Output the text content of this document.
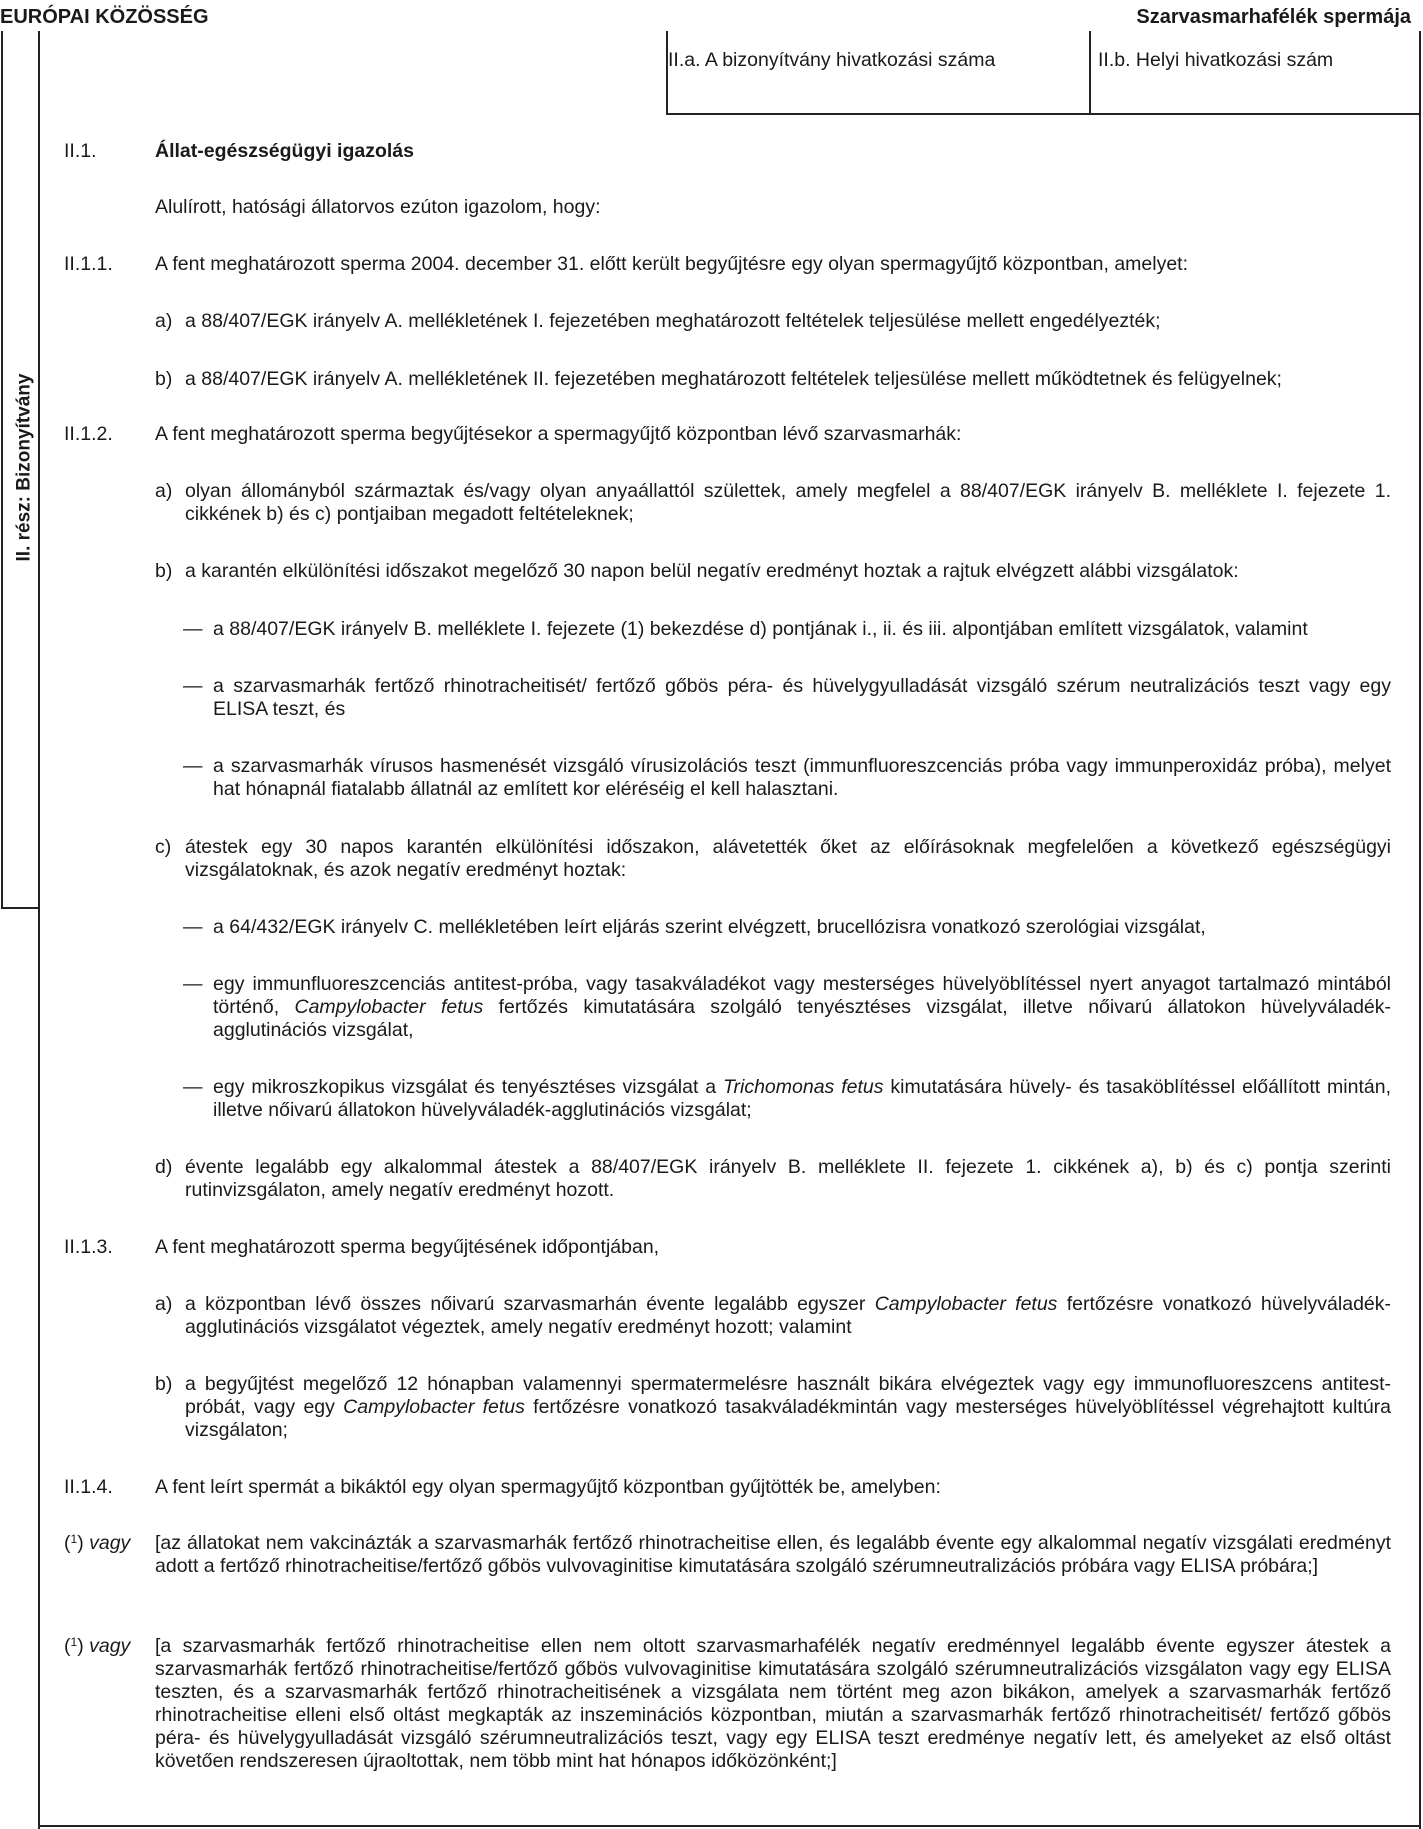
EURÓPAI KÖZÖSSÉG	Szarvasmarhafélék spermája
II.a. A bizonyítvány hivatkozási száma	II.b. Helyi hivatkozási szám
II. rész: Bizonyítvány
II.1.	Állat-egészségügyi igazolás
Alulírott, hatósági állatorvos ezúton igazolom, hogy:
II.1.1. A fent meghatározott sperma 2004. december 31. előtt került begyűjtésre egy olyan spermagyűjtő központban, amelyet:
a) a 88/407/EGK irányelv A. mellékletének I. fejezetében meghatározott feltételek teljesülése mellett engedélyezték;
b) a 88/407/EGK irányelv A. mellékletének II. fejezetében meghatározott feltételek teljesülése mellett működtetnek és felügyelnek;
II.1.2. A fent meghatározott sperma begyűjtésekor a spermagyűjtő központban lévő szarvasmarhák:
a) olyan állományból származtak és/vagy olyan anyaállattól születtek, amely megfelel a 88/407/EGK irányelv B. melléklete I. fejezete 1. cikkének b) és c) pontjaiban megadott feltételeknek;
b) a karantén elkülönítési időszakot megelőző 30 napon belül negatív eredményt hoztak a rajtuk elvégzett alábbi vizsgálatok:
— a 88/407/EGK irányelv B. melléklete I. fejezete (1) bekezdése d) pontjának i., ii. és iii. alpontjában említett vizsgálatok, valamint
— a szarvasmarhák fertőző rhinotracheitisét/ fertőző gőbös péra- és hüvelygyulladását vizsgáló szérum neutralizációs teszt vagy egy ELISA teszt, és
— a szarvasmarhák vírusos hasmenését vizsgáló vírusizolációs teszt (immunfluoreszcenciás próba vagy immunperoxidáz próba), melyet hat hónapnál fiatalabb állatnál az említett kor eléréséig el kell halasztani.
c) átestek egy 30 napos karantén elkülönítési időszakon, alávetették őket az előírásoknak megfelelően a következő egészségügyi vizsgálatoknak, és azok negatív eredményt hoztak:
— a 64/432/EGK irányelv C. mellékletében leírt eljárás szerint elvégzett, brucellózisra vonatkozó szerológiai vizsgálat,
— egy immunfluoreszcenciás antitest-próba, vagy tasakváladékot vagy mesterséges hüvelyöblítéssel nyert anyagot tartalmazó mintából történő, Campylobacter fetus fertőzés kimutatására szolgáló tenyésztéses vizsgálat, illetve nőivarú állatokon hüvelyváladék-agglutinációs vizsgálat,
— egy mikroszkopikus vizsgálat és tenyésztéses vizsgálat a Trichomonas fetus kimutatására hüvely- és tasaköblítéssel előállított mintán, illetve nőivarú állatokon hüvelyváladék-agglutinációs vizsgálat;
d) évente legalább egy alkalommal átestek a 88/407/EGK irányelv B. melléklete II. fejezete 1. cikkének a), b) és c) pontja szerinti rutinvizsgálaton, amely negatív eredményt hozott.
II.1.3. A fent meghatározott sperma begyűjtésének időpontjában,
a) a központban lévő összes nőivarú szarvasmarhán évente legalább egyszer Campylobacter fetus fertőzésre vonatkozó hüvelyváladék-agglutinációs vizsgálatot végeztek, amely negatív eredményt hozott; valamint
b) a begyűjtést megelőző 12 hónapban valamennyi spermatermelésre használt bikára elvégeztek vagy egy immunofluoreszcens antitest-próbát, vagy egy Campylobacter fetus fertőzésre vonatkozó tasakváladékmintán vagy mesterséges hüvelyöblítéssel végrehajtott kultúra vizsgálaton;
II.1.4. A fent leírt spermát a bikáktól egy olyan spermagyűjtő központban gyűjtötték be, amelyben:
($^1$) vagy [az állatokat nem vakcinázták a szarvasmarhák fertőző rhinotracheitise ellen, és legalább évente egy alkalommal negatív vizsgálati eredményt adott a fertőző rhinotracheitise/fertőző gőbös vulvovaginitise kimutatására szolgáló szérumneutralizációs próbára vagy ELISA próbára;]
($^1$) vagy [a szarvasmarhák fertőző rhinotracheitise ellen nem oltott szarvasmarhafélék negatív eredménnyel legalább évente egyszer átestek a szarvasmarhák fertőző rhinotracheitise/fertőző gőbös vulvovaginitise kimutatására szolgáló szérumneutralizációs vizsgálaton vagy egy ELISA teszten, és a szarvasmarhák fertőző rhinotracheitisének a vizsgálata nem történt meg azon bikákon, amelyek a szarvasmarhák fertőző rhinotracheitise elleni első oltást megkapták az inszeminációs központban, miután a szarvasmarhák fertőző rhinotracheitisét/ fertőző gőbös péra- és hüvelygyulladását vizsgáló szérumneutralizációs teszt, vagy egy ELISA teszt eredménye negatív lett, és amelyeket az első oltást követően rendszeresen újraoltottak, nem több mint hat hónapos időközönként;]
